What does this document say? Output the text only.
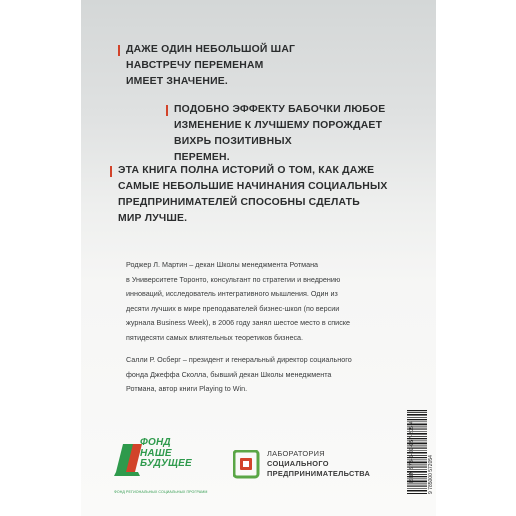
ДАЖЕ ОДИН НЕБОЛЬШОЙ ШАГ
НАВСТРЕЧУ ПЕРЕМЕНАМ
ИМЕЕТ ЗНАЧЕНИЕ.
ПОДОБНО ЭФФЕКТУ БАБОЧКИ ЛЮБОЕ
ИЗМЕНЕНИЕ К ЛУЧШЕМУ ПОРОЖДАЕТ
ВИХРЬ ПОЗИТИВНЫХ
ПЕРЕМЕН.
ЭТА КНИГА ПОЛНА ИСТОРИЙ О ТОМ, КАК ДАЖЕ
САМЫЕ НЕБОЛЬШИЕ НАЧИНАНИЯ СОЦИАЛЬНЫХ
ПРЕДПРИНИМАТЕЛЕЙ СПОСОБНЫ СДЕЛАТЬ
МИР ЛУЧШЕ.
Роджер Л. Мартин – декан Школы менеджмента Ротмана
в Университете Торонто, консультант по стратегии и внедрению
инноваций, исследователь интегративного мышления. Один из
десяти лучших в мире преподавателей бизнес-школ (по версии
журнала Business Week), в 2006 году занял шестое место в списке
пятидесяти самых влиятельных теоретиков бизнеса.
Салли Р. Осберг – президент и генеральный директор социального
фонда Джеффа Сколла, бывший декан Школы менеджмента
Ротмана, автор книги Playing to Win.
ФОНД
НАШЕ
БУДУЩЕЕ
ФОНД РЕГИОНАЛЬНЫХ СОЦИАЛЬНЫХ ПРОГРАММ
ЛАБОРАТОРИЯ
СОЦИАЛЬНОГО
ПРЕДПРИНИМАТЕЛЬСТВА	9 785000 572054
